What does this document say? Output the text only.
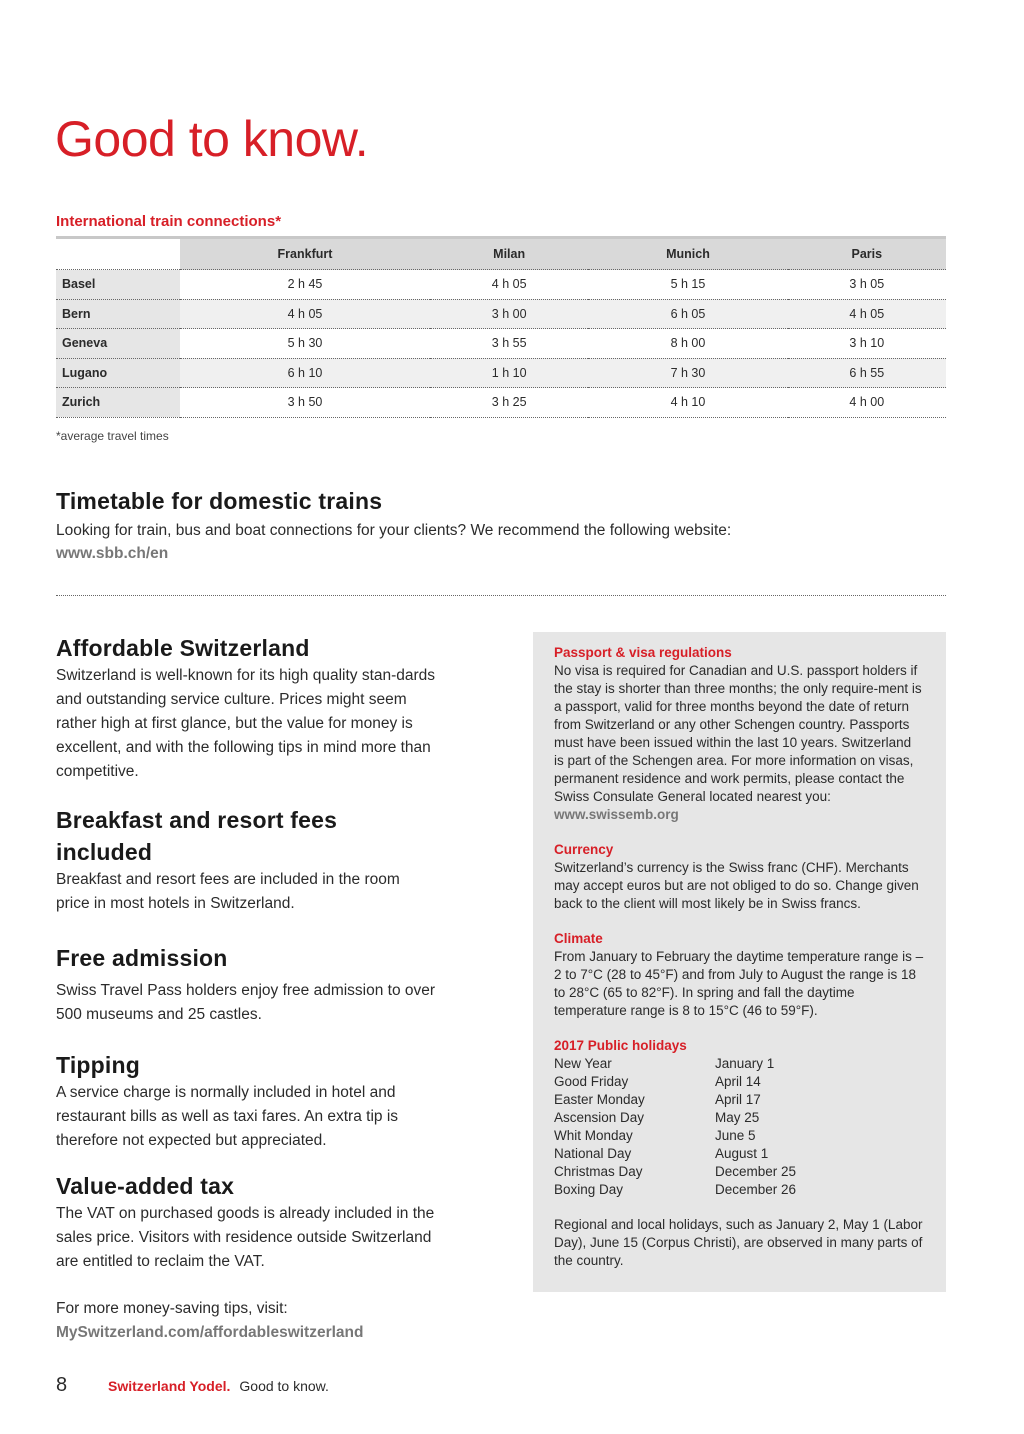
Good to know.
International train connections*
	Frankfurt	Milan	Munich	Paris
Basel	2 h 45	4 h 05	5 h 15	3 h 05
Bern	4 h 05	3 h 00	6 h 05	4 h 05
Geneva	5 h 30	3 h 55	8 h 00	3 h 10
Lugano	6 h 10	1 h 10	7 h 30	6 h 55
Zurich	3 h 50	3 h 25	4 h 10	4 h 00
*average travel times
Timetable for domestic trains

Looking for train, bus and boat connections for your clients? We recommend the following website:

www.sbb.ch/en

Affordable Switzerland

Switzerland is well-known for its high quality stan-dards and outstanding service culture. Prices might seem rather high at first glance, but the value for money is excellent, and with the following tips in mind more than competitive.

Breakfast and resort fees included

Breakfast and resort fees are included in the room price in most hotels in Switzerland.

Free admission

Swiss Travel Pass holders enjoy free admission to over 500 museums and 25 castles.

Tipping

A service charge is normally included in hotel and restaurant bills as well as taxi fares. An extra tip is therefore not expected but appreciated.

Value-added tax

The VAT on purchased goods is already included in the sales price. Visitors with residence outside Switzerland are entitled to reclaim the VAT.

For more money-saving tips, visit:

MySwitzerland.com/affordableswitzerland

Passport & visa regulations

No visa is required for Canadian and U.S. passport holders if the stay is shorter than three months; the only require-ment is a passport, valid for three months beyond the date of return from Switzerland or any other Schengen country. Passports must have been issued within the last 10 years. Switzerland is part of the Schengen area. For more information on visas, permanent residence and work permits, please contact the Swiss Consulate General located nearest you: www.swissemb.org

Currency

Switzerland’s currency is the Swiss franc (CHF). Merchants may accept euros but are not obliged to do so. Change given back to the client will most likely be in Swiss francs.

Climate

From January to February the daytime temperature range is –2 to 7°C (28 to 45°F) and from July to August the range is 18 to 28°C (65 to 82°F). In spring and fall the daytime temperature range is 8 to 15°C (46 to 59°F).

2017 Public holidays
New Year	January 1
Good Friday	April 14
Easter Monday	April 17
Ascension Day	May 25
Whit Monday	June 5
National Day	August 1
Christmas Day	December 25
Boxing Day	December 26

Regional and local holidays, such as January 2, May 1 (Labor Day), June 15 (Corpus Christi), are observed in many parts of the country.

8	Switzerland Yodel. Good to know.
